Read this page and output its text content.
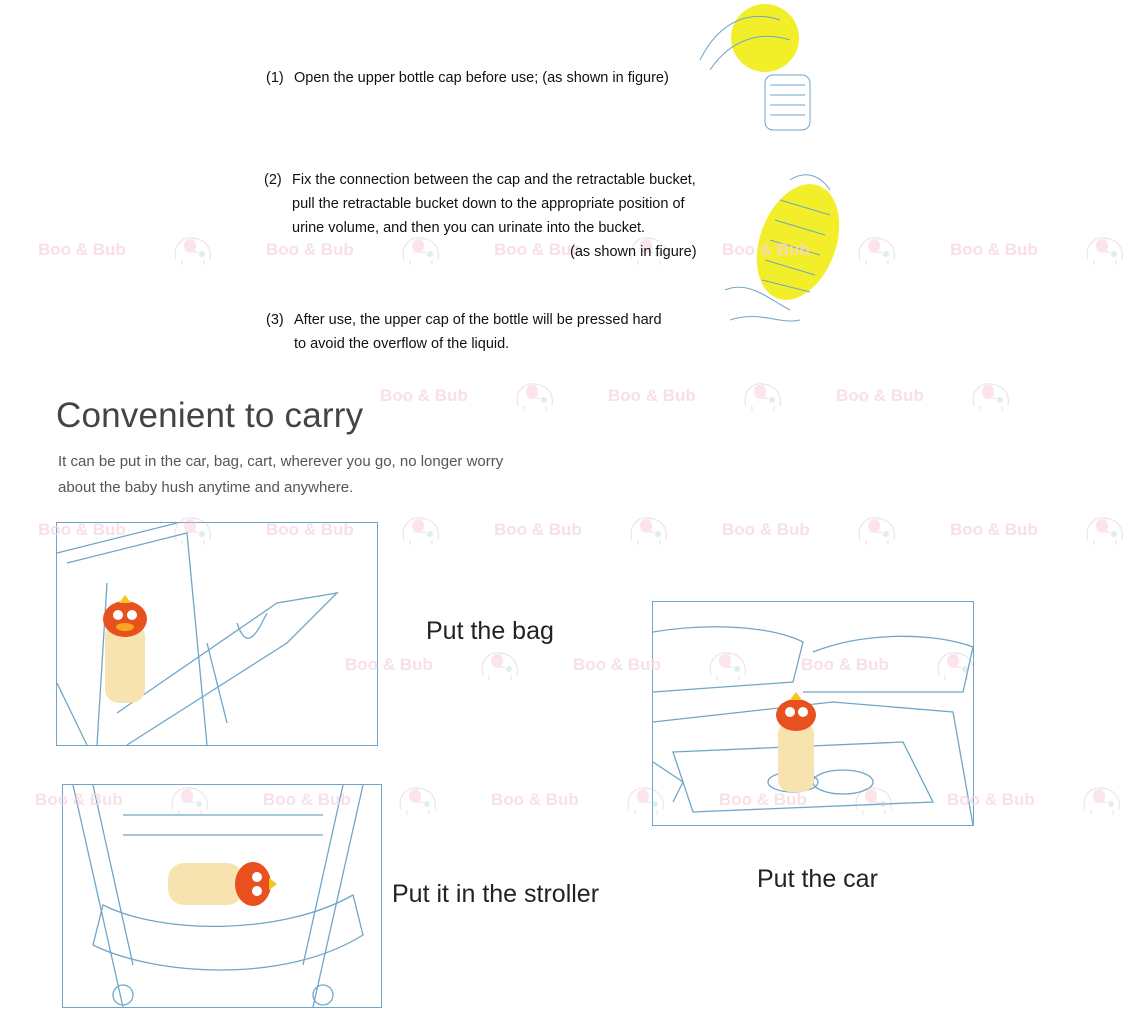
(1) Open the upper bottle cap before use; (as shown in figure)
(2) Fix the connection between the cap and the retractable bucket,
pull the retractable bucket down to the appropriate position of
urine volume, and then you can urinate into the bucket.
(as shown in figure)
(3) After use, the upper cap of the bottle will be pressed hard
to avoid the overflow of the liquid.
Convenient to carry
It can be put in the car, bag, cart, wherever you go, no longer worry
about the baby hush anytime and anywhere.
Put the bag
Put it in the stroller
Put the car
Boo & Bub	Boo & Bub	Boo & Bub	Boo & Bub	Boo & Bub
Boo & Bub	Boo & Bub	Boo & Bub
Boo & Bub	Boo & Bub	Boo & Bub	Boo & Bub	Boo & Bub
Boo & Bub	Boo & Bub	Boo & Bub
Boo & Bub	Boo & Bub	Boo & Bub	Boo & Bub	Boo & Bub
